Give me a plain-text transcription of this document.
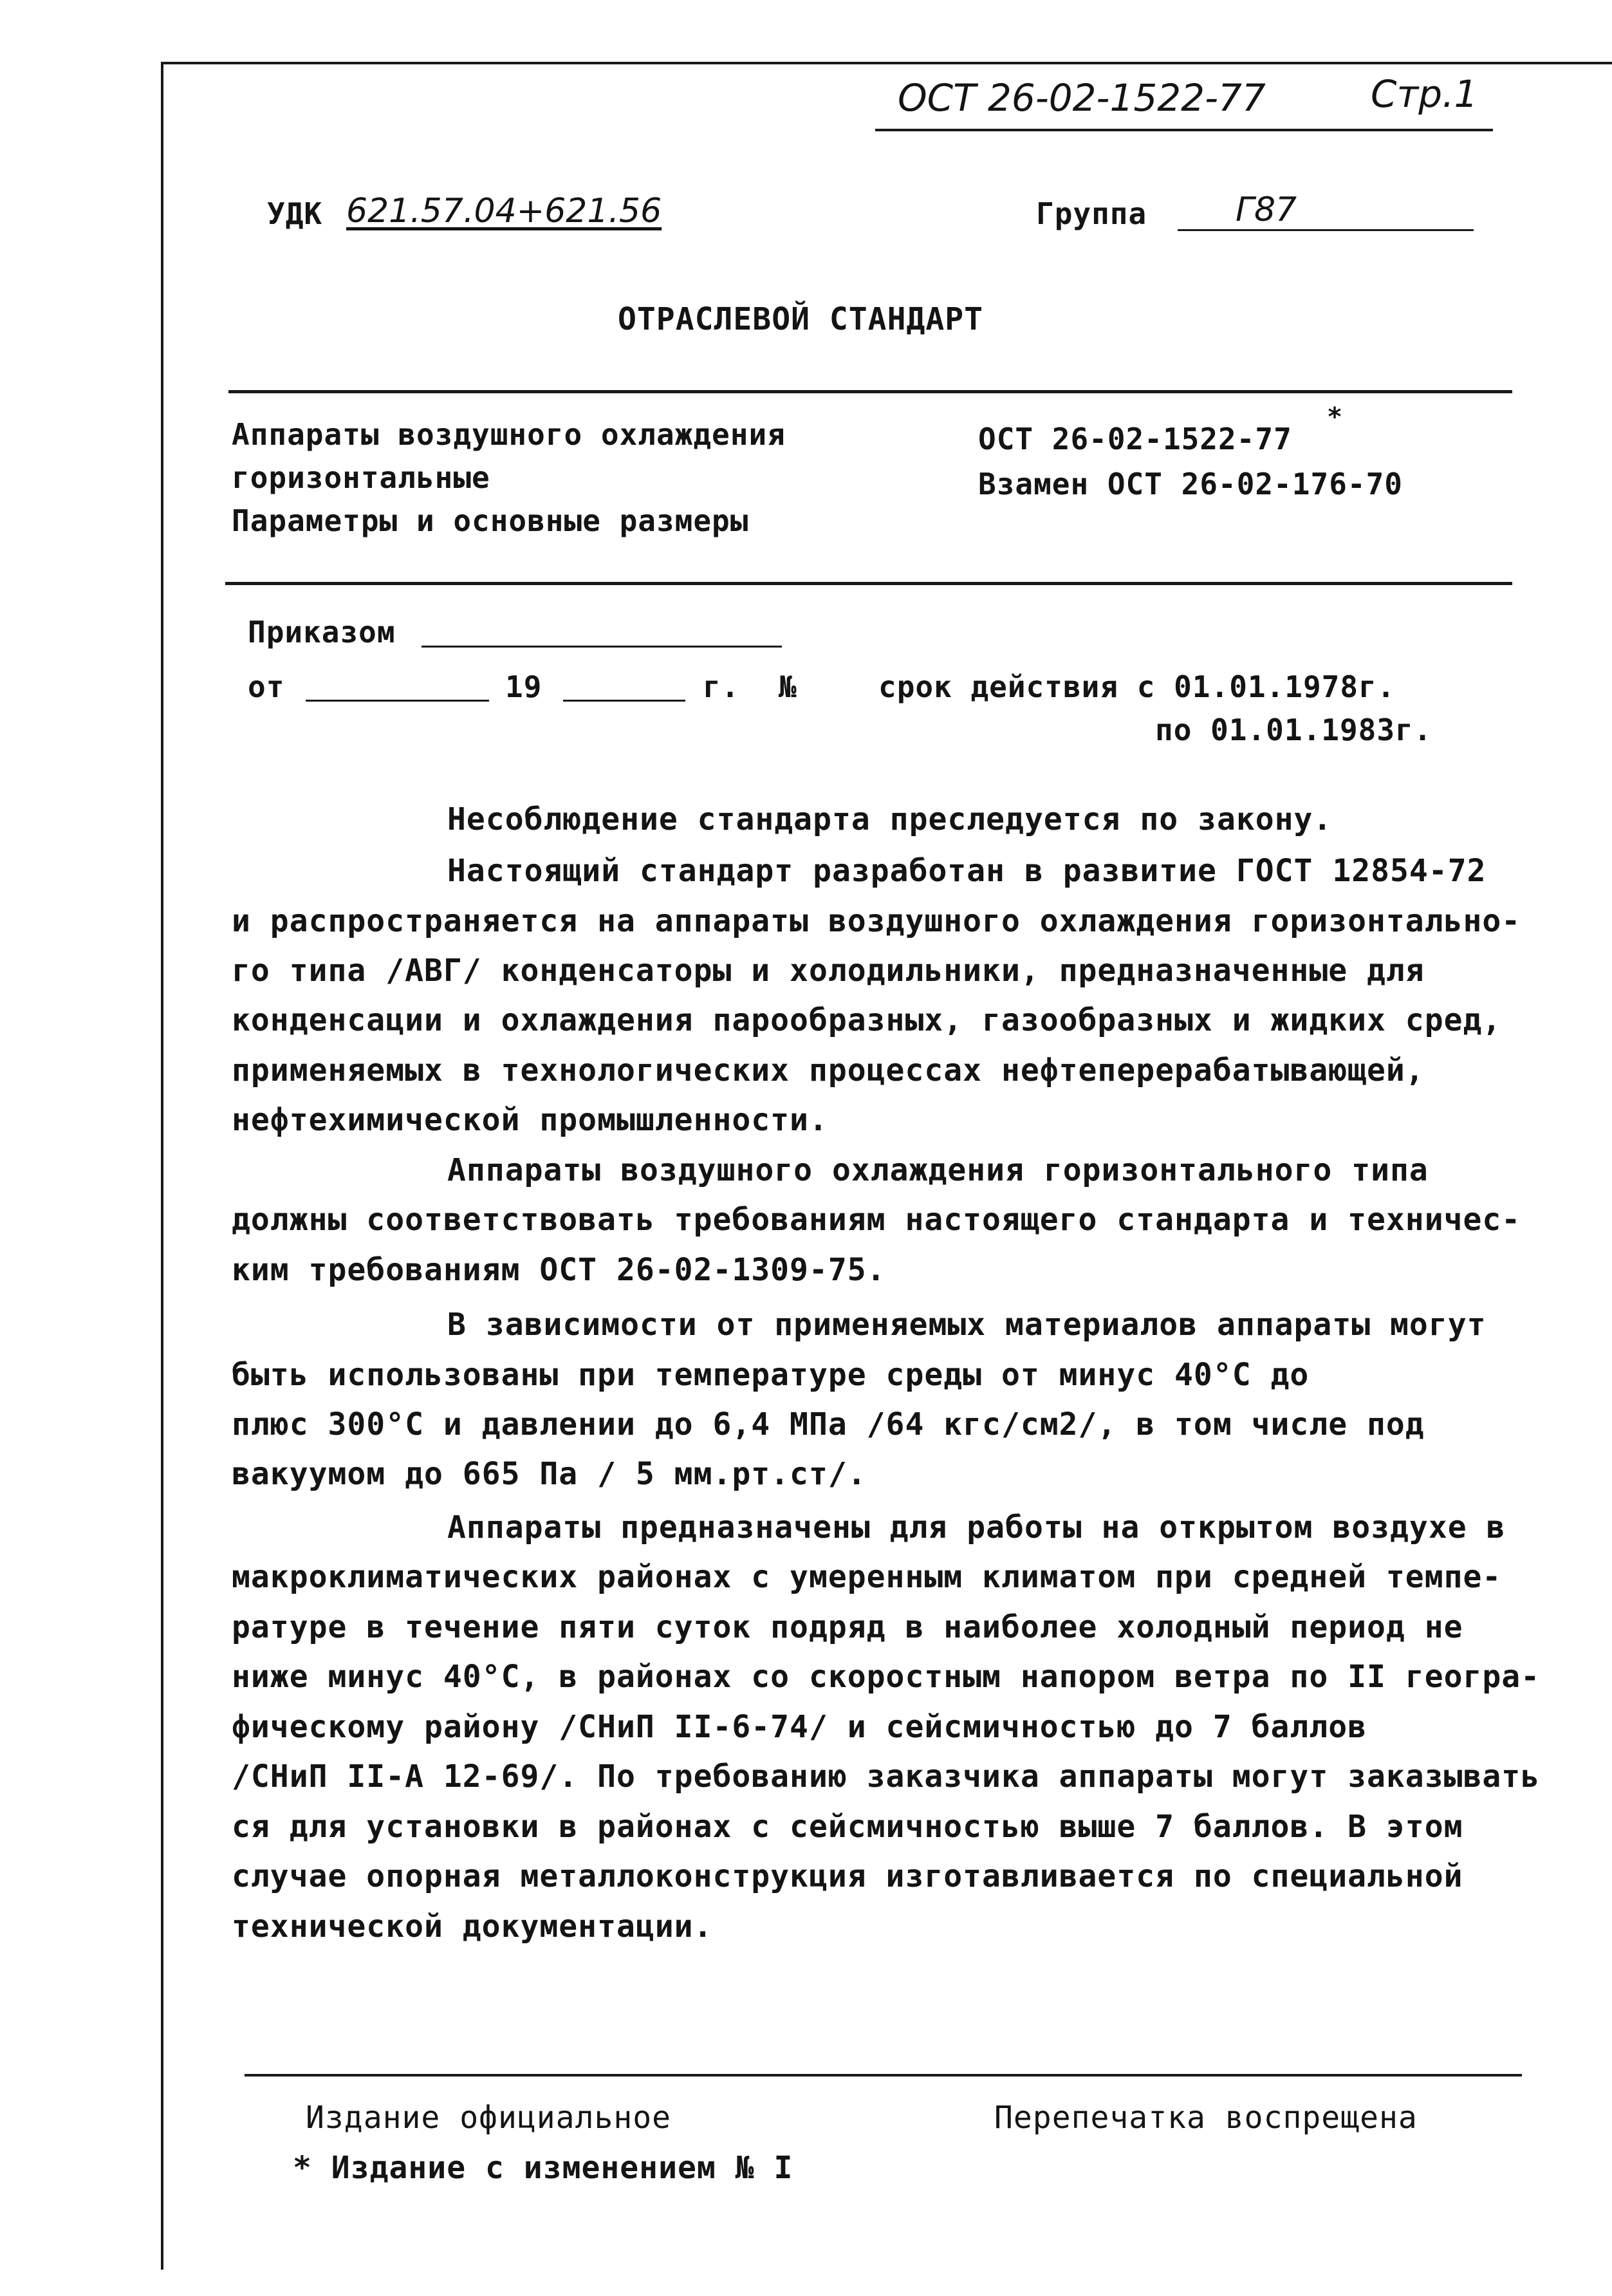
ОСТ 26-02-1522-77	Стр.1
УДК 621.57.04+621.56	Группа	Г87
ОТРАСЛЕВОЙ СТАНДАРТ
Аппараты воздушного охлаждения
горизонтальные
Параметры и основные размеры
ОСТ 26-02-1522-77
*
Взамен ОСТ 26-02-176-70
Приказом
от	19	г. №	срок действия с 01.01.1978г.
по 01.01.1983г.
Несоблюдение стандарта преследуется по закону.
Настоящий стандарт разработан в развитие ГОСТ 12854-72
и распространяется на аппараты воздушного охлаждения горизонтально-
го типа /АВГ/ конденсаторы и холодильники, предназначенные для
конденсации и охлаждения парообразных, газообразных и жидких сред,
применяемых в технологических процессах нефтеперерабатывающей,
нефтехимической промышленности.
Аппараты воздушного охлаждения горизонтального типа
должны соответствовать требованиям настоящего стандарта и техничес-
ким требованиям ОСТ 26-02-1309-75.
В зависимости от применяемых материалов аппараты могут
быть использованы при температуре среды от минус 40°С до
плюс 300°С и давлении до 6,4 МПа /64 кгс/см2/, в том числе под
вакуумом до 665 Па / 5 мм.рт.ст/.
Аппараты предназначены для работы на открытом воздухе в
макроклиматических районах с умеренным климатом при средней темпе-
ратуре в течение пяти суток подряд в наиболее холодный период не
ниже минус 40°С, в районах со скоростным напором ветра по II геогра-
фическому району /СНиП II-6-74/ и сейсмичностью до 7 баллов
/СНиП II-А 12-69/. По требованию заказчика аппараты могут заказывать
ся для установки в районах с сейсмичностью выше 7 баллов. В этом
случае опорная металлоконструкция изготавливается по специальной
технической документации.
Издание официальное	Перепечатка воспрещена
* Издание с изменением № I
